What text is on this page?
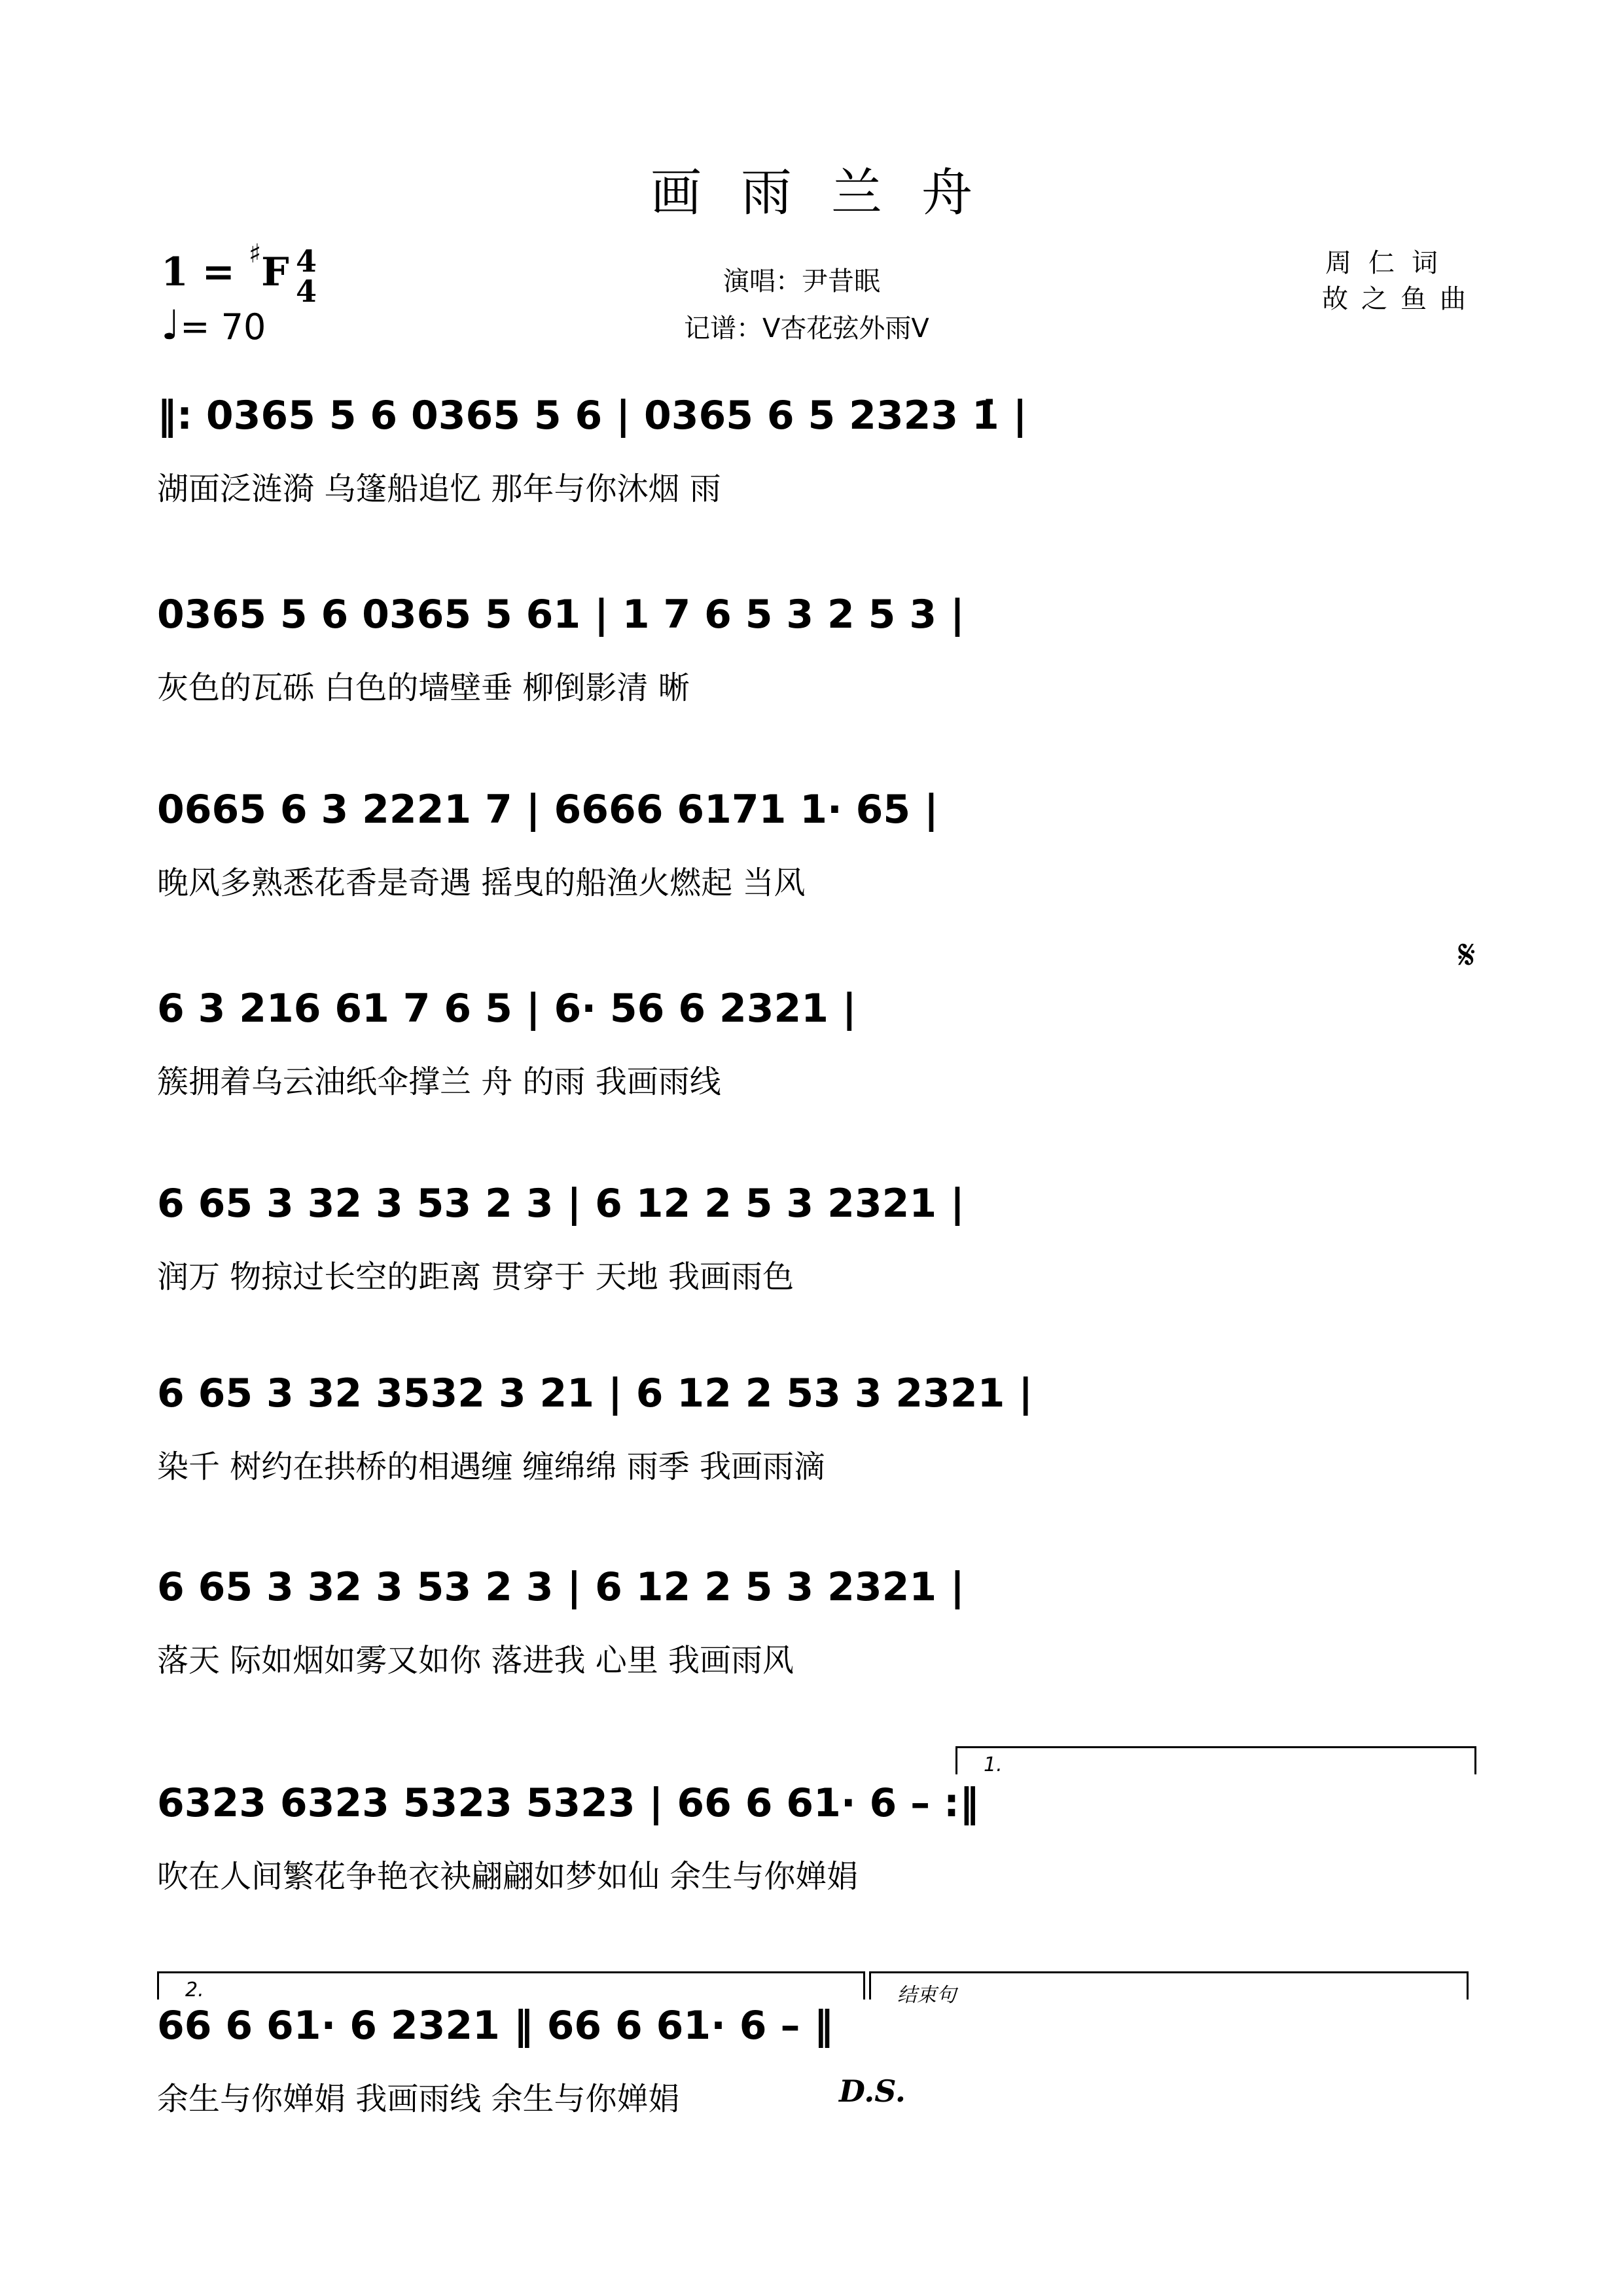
画雨兰舟
1 = ♯F 4
4
♩= 70
演唱：尹昔眠
记谱：V杏花弦外雨V
周仁词
故之鱼曲
𝄋
‖: 0365 5 6 0365 5 6 | 0365 6 5 2323 1̇ |
湖面泛涟漪 乌篷船追忆 那年与你沐烟 雨
0365 5 6 0365 5 61 | 1 7 6 5 3 2 5 3 |
灰色的瓦砾 白色的墙壁垂 柳倒影清 晰
0665 6 3 2221 7 | 6666 6171 1· 65 |
晚风多熟悉花香是奇遇 摇曳的船渔火燃起 当风
6 3 216 61 7 6 5 | 6· 56 6 2321 |
簇拥着乌云油纸伞撑兰 舟 的雨 我画雨线
6 65 3 32 3 53 2 3 | 6 12 2 5 3 2321 |
润万 物掠过长空的距离 贯穿于 天地 我画雨色
6 65 3 32 3532 3 21 | 6 12 2 53 3 2321 |
染千 树约在拱桥的相遇缠 缠绵绵 雨季 我画雨滴
6 65 3 32 3 53 2 3 | 6 12 2 5 3 2321 |
落天 际如烟如雾又如你 落进我 心里 我画雨风
6323 6323 5323 5323 | 66 6 61· 6 – :‖
吹在人间繁花争艳衣袂翩翩如梦如仙 余生与你婵娟
66 6 61· 6 2321 ‖ 66 6 61· 6 – ‖
余生与你婵娟 我画雨线 余生与你婵娟
1.
2.	结束句
D.S.
